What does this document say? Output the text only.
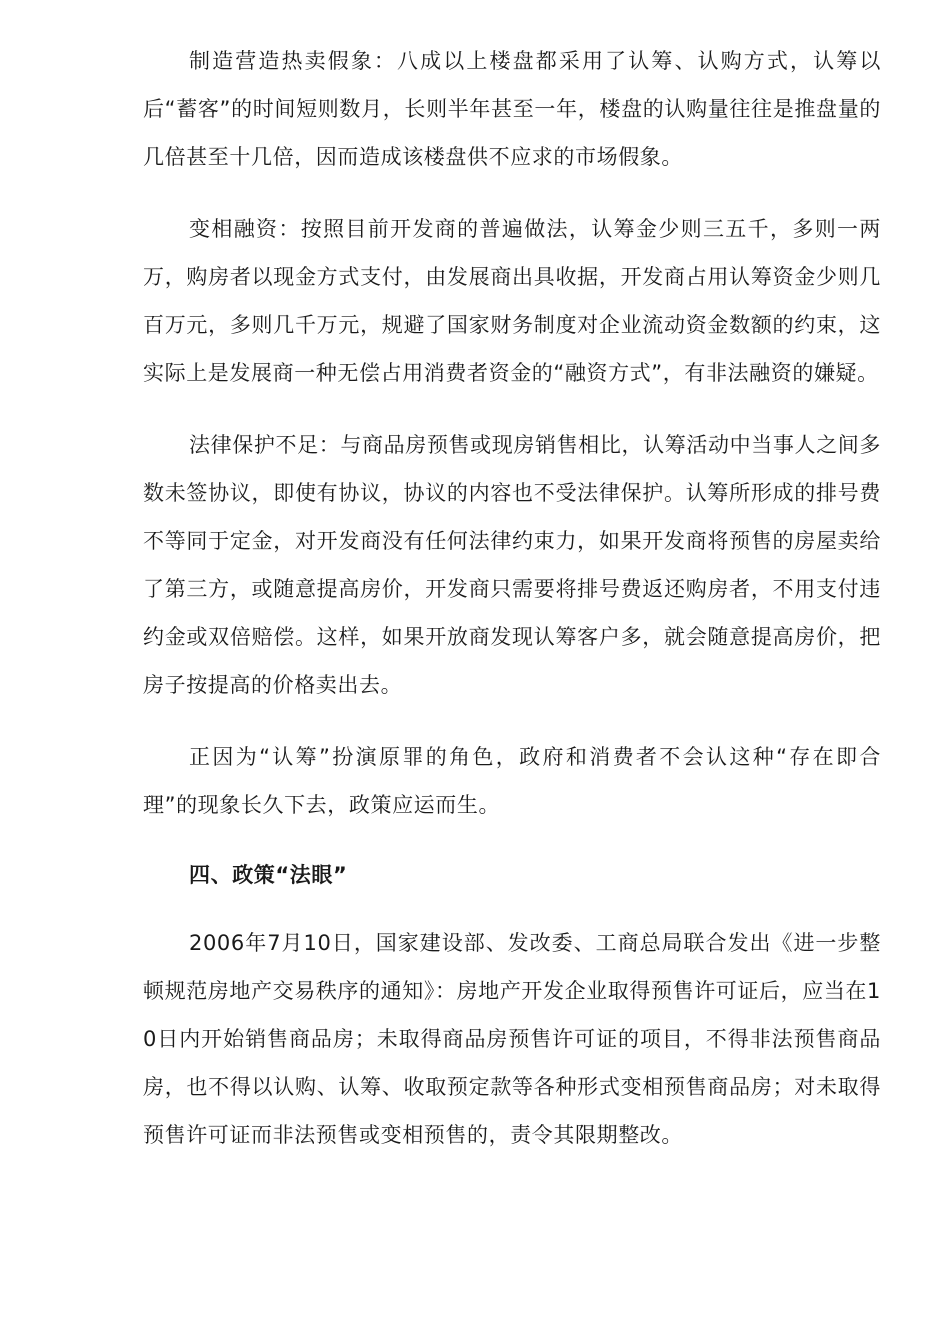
制造营造热卖假象：八成以上楼盘都采用了认筹、认购方式，认筹以后“蓄客”的时间短则数月，长则半年甚至一年，楼盘的认购量往往是推盘量的几倍甚至十几倍，因而造成该楼盘供不应求的市场假象。

变相融资：按照目前开发商的普遍做法，认筹金少则三五千，多则一两万，购房者以现金方式支付，由发展商出具收据，开发商占用认筹资金少则几百万元，多则几千万元，规避了国家财务制度对企业流动资金数额的约束，这实际上是发展商一种无偿占用消费者资金的“融资方式”，有非法融资的嫌疑。

法律保护不足：与商品房预售或现房销售相比，认筹活动中当事人之间多数未签协议，即使有协议，协议的内容也不受法律保护。认筹所形成的排号费不等同于定金，对开发商没有任何法律约束力，如果开发商将预售的房屋卖给了第三方，或随意提高房价，开发商只需要将排号费返还购房者，不用支付违约金或双倍赔偿。这样，如果开放商发现认筹客户多，就会随意提高房价，把房子按提高的价格卖出去。

正因为“认筹”扮演原罪的角色，政府和消费者不会认这种“存在即合理”的现象长久下去，政策应运而生。

四、政策“法眼”

2006年7月10日，国家建设部、发改委、工商总局联合发出《进一步整顿规范房地产交易秩序的通知》：房地产开发企业取得预售许可证后，应当在10日内开始销售商品房；未取得商品房预售许可证的项目，不得非法预售商品房，也不得以认购、认筹、收取预定款等各种形式变相预售商品房；对未取得预售许可证而非法预售或变相预售的，责令其限期整改。
